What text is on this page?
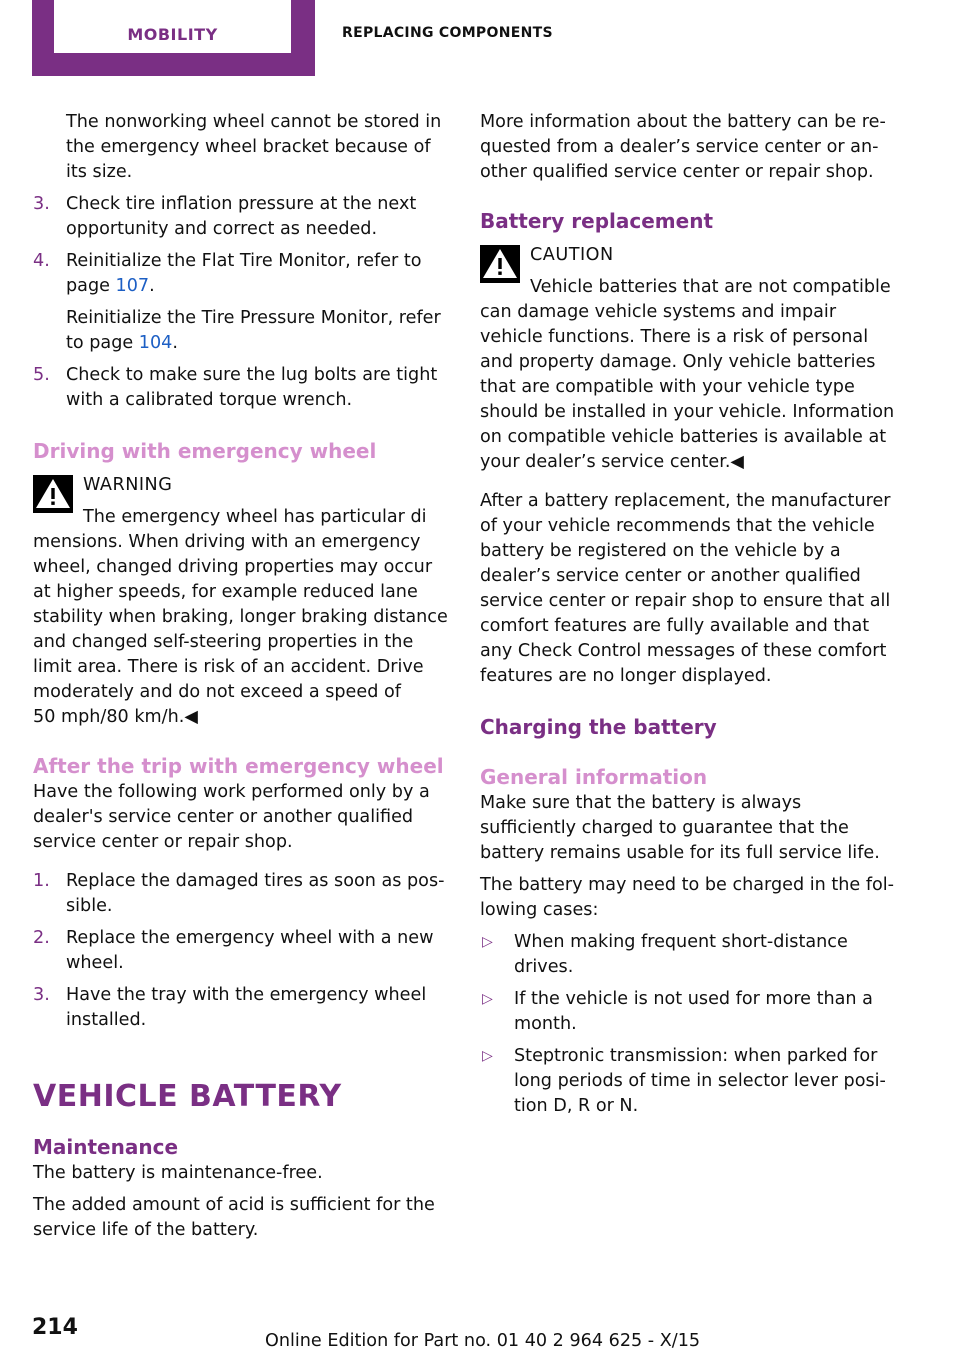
MOBILITY	REPLACING COMPONENTS

The nonworking wheel cannot be stored in the emergency wheel bracket because of its size.

3. Check tire inflation pressure at the next opportunity and correct as needed.
4. Reinitialize the Flat Tire Monitor, refer to page 107.

Reinitialize the Tire Pressure Monitor, refer to page 104.

5. Check to make sure the lug bolts are tight with a calibrated torque wrench.
Driving with emergency wheel
WARNING
The emergency wheel has particular di
mensions. When driving with an emergency wheel, changed driving properties may occur at higher speeds, for example reduced lane stability when braking, longer braking distance and changed self-steering properties in the limit area. There is risk of an accident. Drive moderately and do not exceed a speed of
50 mph/80 km/h.◀
After the trip with emergency wheel

Have the following work performed only by a dealer's service center or another qualified service center or repair shop.

1. Replace the damaged tires as soon as possible.
2. Replace the emergency wheel with a new wheel.
3. Have the tray with the emergency wheel installed.
VEHICLE BATTERY
Maintenance

The battery is maintenance-free.

The added amount of acid is sufficient for the service life of the battery.

More information about the battery can be requested from a dealer’s service center or another qualified service center or repair shop.

Battery replacement
CAUTION
Vehicle batteries that are not compatible
can damage vehicle systems and impair vehicle functions. There is a risk of personal and property damage. Only vehicle batteries that are compatible with your vehicle type should be installed in your vehicle. Information on compatible vehicle batteries is available at your dealer’s service center.◀

After a battery replacement, the manufacturer of your vehicle recommends that the vehicle battery be registered on the vehicle by a dealer’s service center or another qualified service center or repair shop to ensure that all comfort features are fully available and that any Check Control messages of these comfort features are no longer displayed.

Charging the battery
General information

Make sure that the battery is always sufficiently charged to guarantee that the battery remains usable for its full service life.

The battery may need to be charged in the following cases:

▷ When making frequent short-distance drives.
▷ If the vehicle is not used for more than a month.
▷ Steptronic transmission: when parked for long periods of time in selector lever position D, R or N.
214
Online Edition for Part no. 01 40 2 964 625 - X/15
